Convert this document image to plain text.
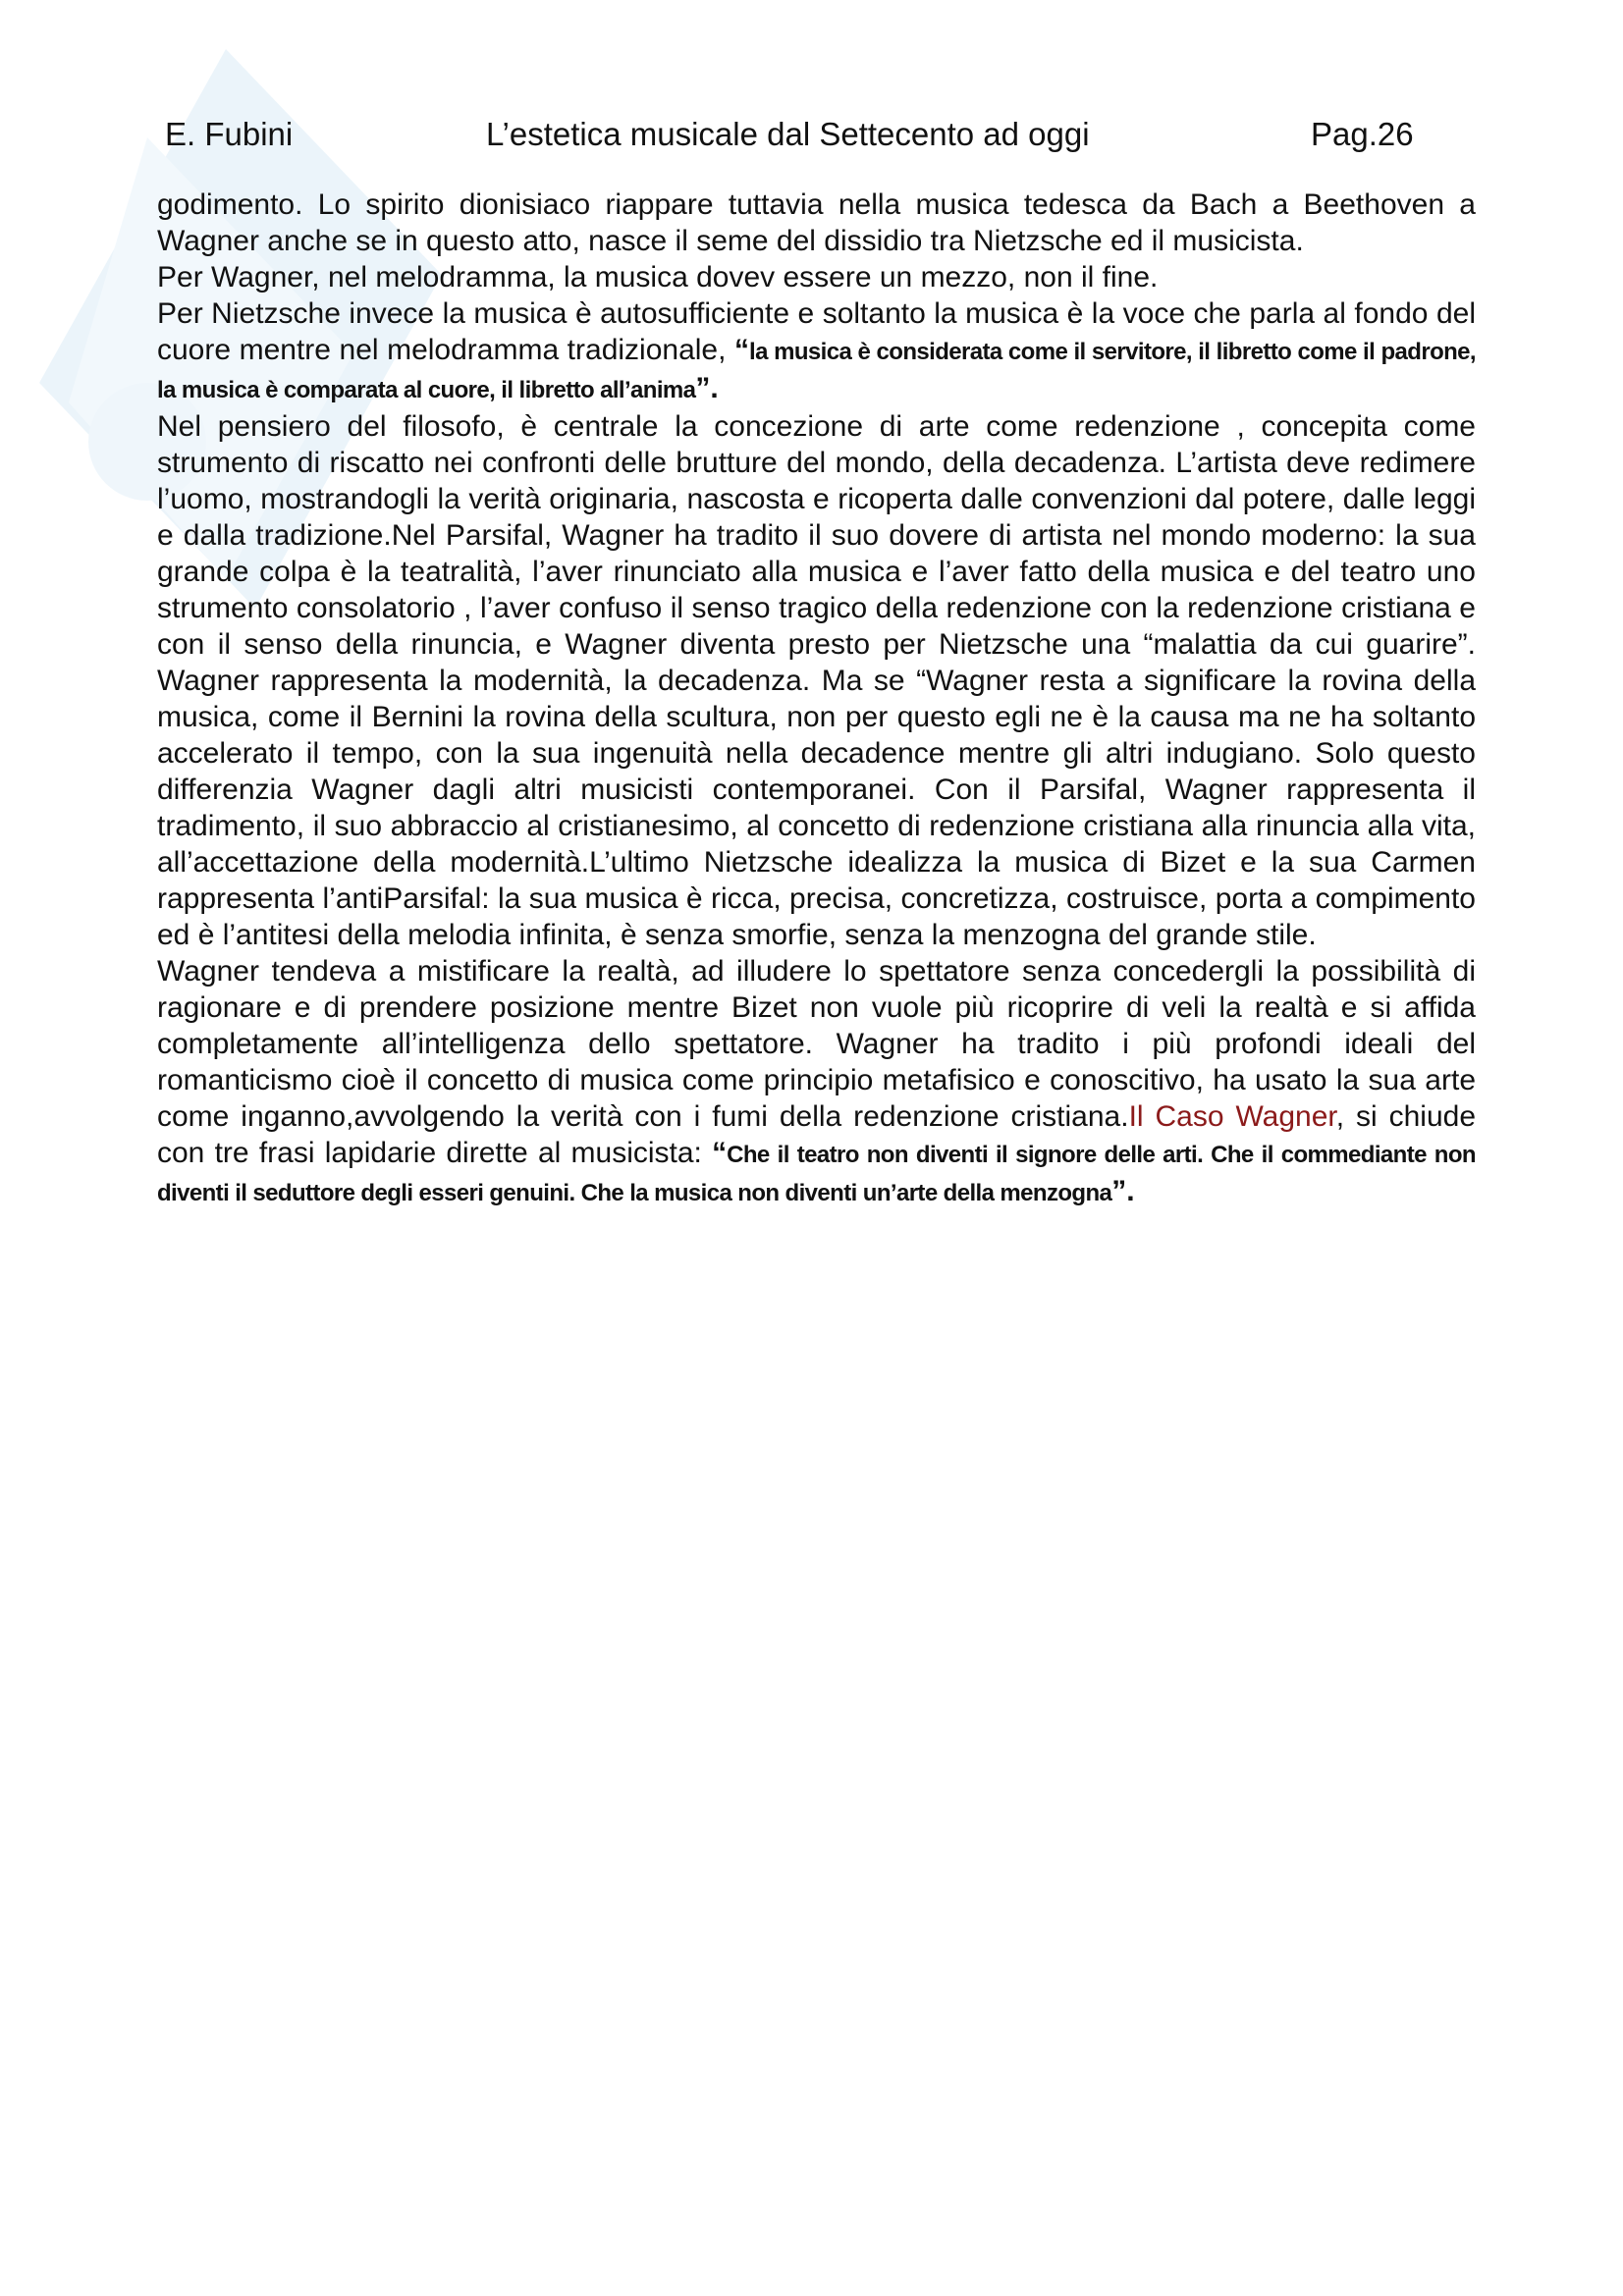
E. Fubini	L’estetica musicale dal Settecento ad oggi	Pag.26

godimento. Lo spirito dionisiaco riappare tuttavia nella musica tedesca da Bach a Beethoven a Wagner anche se in questo atto, nasce il seme del dissidio tra Nietzsche ed il musicista.

Per Wagner, nel melodramma, la musica dovev essere un mezzo, non il fine.

Per Nietzsche invece la musica è autosufficiente e soltanto la musica è la voce che parla al fondo del cuore mentre nel melodramma tradizionale, “la musica è considerata come il servitore, il libretto come il padrone, la musica è comparata al cuore, il libretto all’anima”.

Nel pensiero del filosofo, è centrale la concezione di arte come redenzione , concepita come strumento di riscatto nei confronti delle brutture del mondo, della decadenza. L’artista deve redimere l’uomo, mostrandogli la verità originaria, nascosta e ricoperta dalle convenzioni dal potere, dalle leggi e dalla tradizione.Nel Parsifal, Wagner ha tradito il suo dovere di artista nel mondo moderno: la sua grande colpa è la teatralità, l’aver rinunciato alla musica e l’aver fatto della musica e del teatro uno strumento consolatorio , l’aver confuso il senso tragico della redenzione con la redenzione cristiana e con il senso della rinuncia, e Wagner diventa presto per Nietzsche una “malattia da cui guarire”. Wagner rappresenta la modernità, la decadenza. Ma se “Wagner resta a significare la rovina della musica, come il Bernini la rovina della scultura, non per questo egli ne è la causa ma ne ha soltanto accelerato il tempo, con la sua ingenuità nella decadence mentre gli altri indugiano. Solo questo differenzia Wagner dagli altri musicisti contemporanei. Con il Parsifal, Wagner rappresenta il tradimento, il suo abbraccio al cristianesimo, al concetto di redenzione cristiana alla rinuncia alla vita, all’accettazione della modernità.L’ultimo Nietzsche idealizza la musica di Bizet e la sua Carmen rappresenta l’antiParsifal: la sua musica è ricca, precisa, concretizza, costruisce, porta a compimento ed è l’antitesi della melodia infinita, è senza smorfie, senza la menzogna del grande stile.

Wagner tendeva a mistificare la realtà, ad illudere lo spettatore senza concedergli la possibilità di ragionare e di prendere posizione mentre Bizet non vuole più ricoprire di veli la realtà e si affida completamente all’intelligenza dello spettatore. Wagner ha tradito i più profondi ideali del romanticismo cioè il concetto di musica come principio metafisico e conoscitivo, ha usato la sua arte come inganno,avvolgendo la verità con i fumi della redenzione cristiana.Il Caso Wagner, si chiude con tre frasi lapidarie dirette al musicista: “Che il teatro non diventi il signore delle arti. Che il commediante non diventi il seduttore degli esseri genuini. Che la musica non diventi un’arte della menzogna”.
